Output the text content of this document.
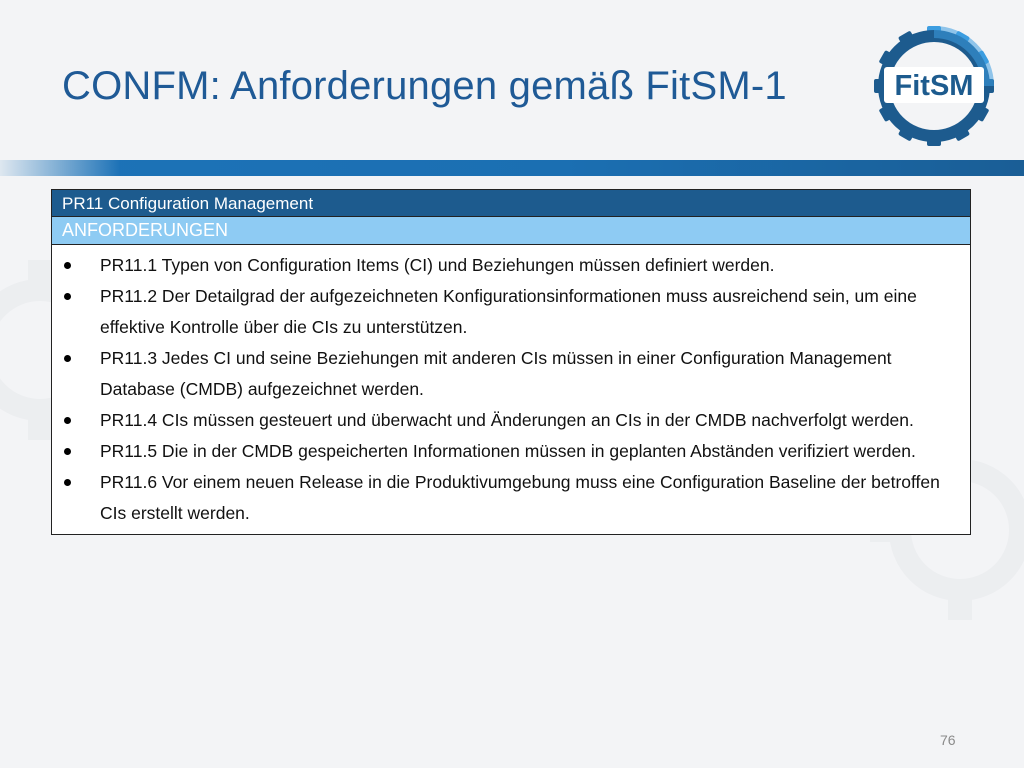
CONFM: Anforderungen gemäß FitSM-1	FitSM
PR11 Configuration Management
ANFORDERUNGEN
PR11.1 Typen von Configuration Items (CI) und Beziehungen müssen definiert werden.
PR11.2 Der Detailgrad der aufgezeichneten Konfigurationsinformationen muss ausreichend sein, um eine effektive Kontrolle über die CIs zu unterstützen.
PR11.3 Jedes CI und seine Beziehungen mit anderen CIs müssen in einer Configuration Management Database (CMDB) aufgezeichnet werden.
PR11.4 CIs müssen gesteuert und überwacht und Änderungen an CIs in der CMDB nachverfolgt werden.
PR11.5 Die in der CMDB gespeicherten Informationen müssen in geplanten Abständen verifiziert werden.
PR11.6 Vor einem neuen Release in die Produktivumgebung muss eine Configuration Baseline der betroffen CIs erstellt werden.
76
